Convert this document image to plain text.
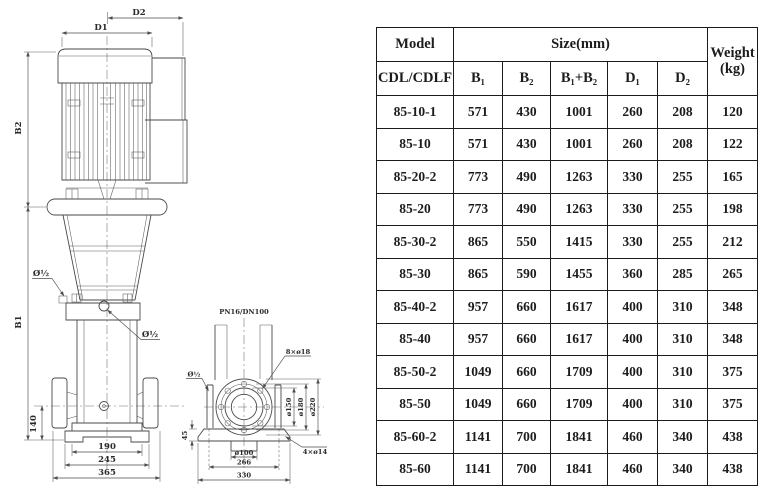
D2
D1
B2
B1
140
190
245
365
Ø½
Ø½
PN16/DN100
ø100
266
330
45
ø150 ø180 ø220
8×ø18
Ø½
4×ø14
Model	Size(mm)					Weight
(kg)

CDL/CDLF	B₁	B₂	B₁+B₂	D₁	D₂	
85-10-1	571	430	1001	260	208	120
85-10	571	430	1001	260	208	122
85-20-2	773	490	1263	330	255	165
85-20	773	490	1263	330	255	198
85-30-2	865	550	1415	330	255	212
85-30	865	590	1455	360	285	265
85-40-2	957	660	1617	400	310	348
85-40	957	660	1617	400	310	348
85-50-2	1049	660	1709	400	310	375
85-50	1049	660	1709	400	310	375
85-60-2	1141	700	1841	460	340	438
85-60	1141	700	1841	460	340	438
